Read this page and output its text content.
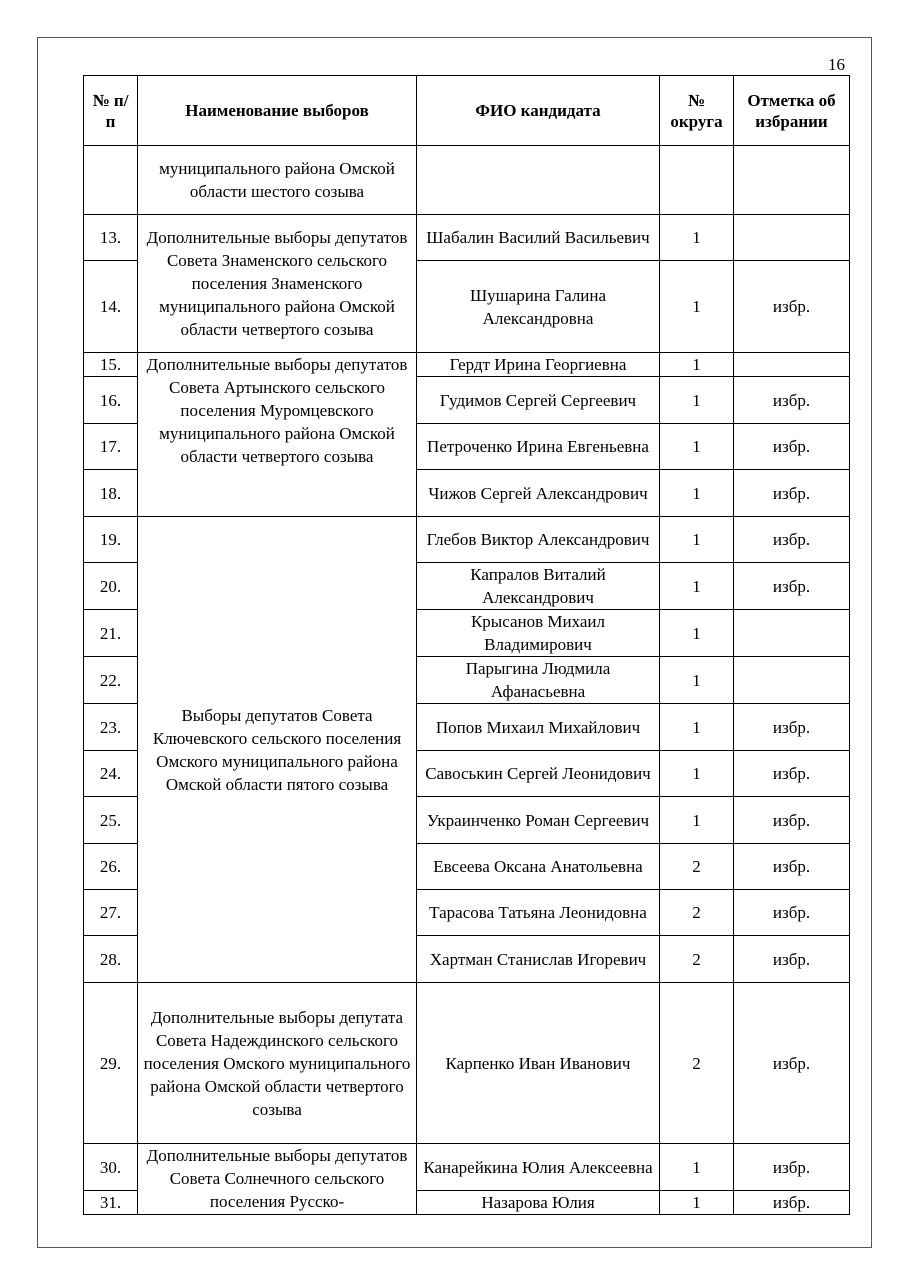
16
№ п/п	Наименование выборов	ФИО кандидата	№ округа	Отметка об избрании
	муниципального района Омской области шестого созыва			
13.	Дополнительные выборы депутатов Совета Знаменского сельского поселения Знаменского муниципального района Омской области четвертого созыва	Шабалин Василий Васильевич	1	
14.		Шушарина Галина Александровна	1	избр.
15.	Дополнительные выборы депутатов Совета Артынского сельского поселения Муромцевского муниципального района Омской области четвертого созыва	Гердт Ирина Георгиевна	1	
16.		Гудимов Сергей Сергеевич	1	избр.
17.		Петроченко Ирина Евгеньевна	1	избр.
18.		Чижов Сергей Александрович	1	избр.
19.	Выборы депутатов Совета Ключевского сельского поселения Омского муниципального района Омской области пятого созыва	Глебов Виктор Александрович	1	избр.
20.		Капралов Виталий Александрович	1	избр.
21.		Крысанов Михаил Владимирович	1	
22.		Парыгина Людмила Афанасьевна	1	
23.		Попов Михаил Михайлович	1	избр.
24.		Савоськин Сергей Леонидович	1	избр.
25.		Украинченко Роман Сергеевич	1	избр.
26.		Евсеева Оксана Анатольевна	2	избр.
27.		Тарасова Татьяна Леонидовна	2	избр.
28.		Хартман Станислав Игоревич	2	избр.
29.	Дополнительные выборы депутата Совета Надеждинского сельского поселения Омского муниципального района Омской области четвертого созыва	Карпенко Иван Иванович	2	избр.
30.	Дополнительные выборы депутатов Совета Солнечного сельского поселения Русско-	Канарейкина Юлия Алексеевна	1	избр.
31.		Назарова Юлия	1	избр.
